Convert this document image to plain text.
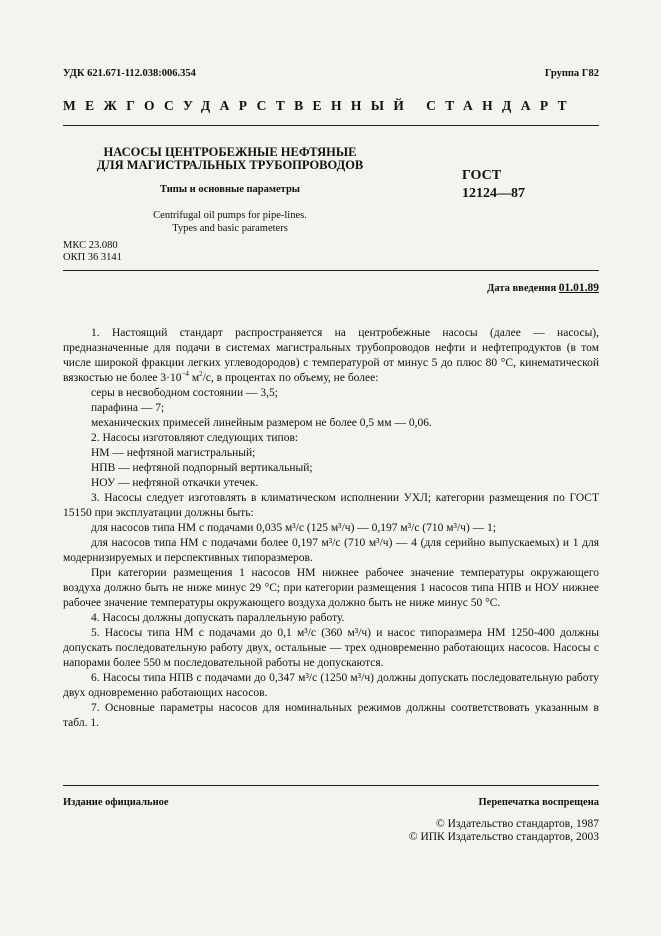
УДК 621.671-112.038:006.354	Группа Г82
МЕЖГОСУДАРСТВЕННЫЙ СТАНДАРТ
НАСОСЫ ЦЕНТРОБЕЖНЫЕ НЕФТЯНЫЕ
ДЛЯ МАГИСТРАЛЬНЫХ ТРУБОПРОВОДОВ
Типы и основные параметры
Centrifugal oil pumps for pipe-lines.
Types and basic parameters
ГОСТ
12124—87
МКС 23.080
ОКП 36 3141
Дата введения 01.01.89

1. Настоящий стандарт распространяется на центробежные насосы (далее — насосы), предназначенные для подачи в системах магистральных трубопроводов нефти и нефтепродуктов (в том числе широкой фракции легких углеводородов) с температурой от минус 5 до плюс 80 °С, кинематической вязкостью не более $3\cdot 10^{-4}$ $м^2/с$, в процентах по объему, не более:

серы в несвободном состоянии — 3,5;

парафина — 7;

механических примесей линейным размером не более 0,5 мм — 0,06.

2. Насосы изготовляют следующих типов:

НМ — нефтяной магистральный;

НПВ — нефтяной подпорный вертикальный;

НОУ — нефтяной откачки утечек.

3. Насосы следует изготовлять в климатическом исполнении УХЛ; категории размещения по ГОСТ 15150 при эксплуатации должны быть:

для насосов типа НМ с подачами 0,035 м³/с (125 м³/ч) — 0,197 м³/с (710 м³/ч) — 1;

для насосов типа НМ с подачами более 0,197 м³/с (710 м³/ч) — 4 (для серийно выпускаемых) и 1 для модернизируемых и перспективных типоразмеров.

При категории размещения 1 насосов НМ нижнее рабочее значение температуры окружающего воздуха должно быть не ниже минус 29 °С; при категории размещения 1 насосов типа НПВ и НОУ нижнее рабочее значение температуры окружающего воздуха должно быть не ниже минус 50 °С.

4. Насосы должны допускать параллельную работу.

5. Насосы типа НМ с подачами до 0,1 м³/с (360 м³/ч) и насос типоразмера НМ 1250-400 должны допускать последовательную работу двух, остальные — трех одновременно работающих насосов. Насосы с напорами более 550 м последовательной работы не допускаются.

6. Насосы типа НПВ с подачами до 0,347 м³/с (1250 м³/ч) должны допускать последовательную работу двух одновременно работающих насосов.

7. Основные параметры насосов для номинальных режимов должны соответствовать указанным в табл. 1.

Издание официальное	Перепечатка воспрещена
© Издательство стандартов, 1987
© ИПК Издательство стандартов, 2003
